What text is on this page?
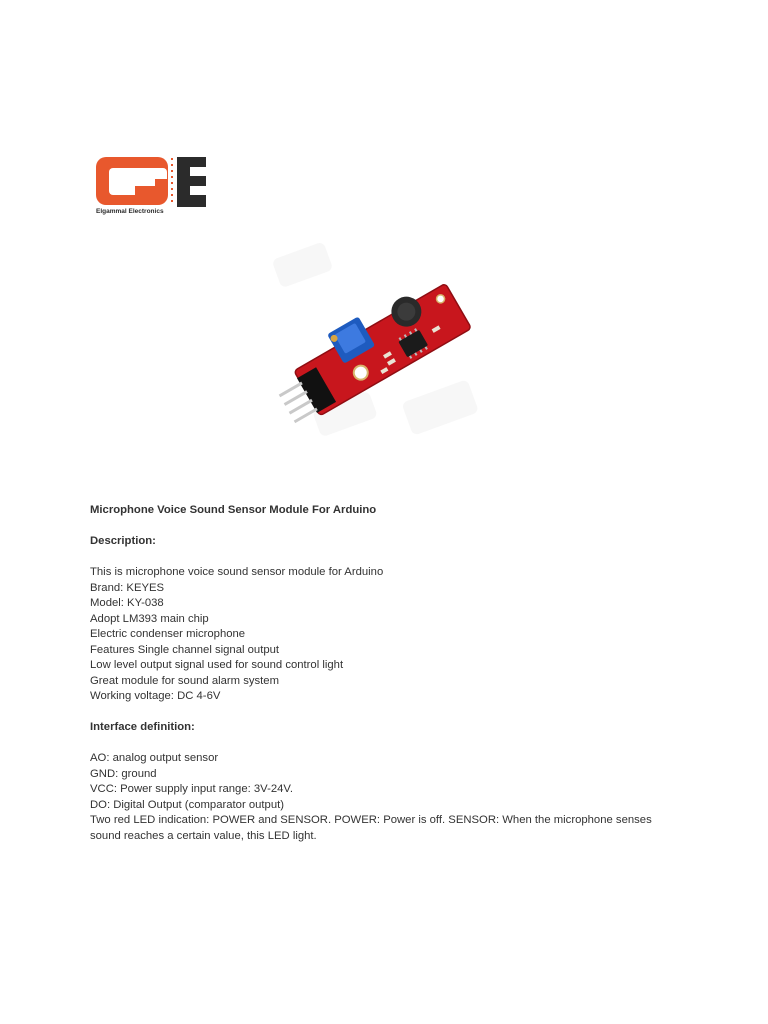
Elgammal Electronics

Microphone Voice Sound Sensor Module For Arduino

Description:

This is microphone voice sound sensor module for Arduino
Brand: KEYES
Model: KY-038
Adopt LM393 main chip
Electric condenser microphone
Features Single channel signal output
Low level output signal used for sound control light
Great module for sound alarm system
Working voltage: DC 4-6V

Interface definition:

AO: analog output sensor
GND: ground
VCC: Power supply input range: 3V-24V.
DO: Digital Output (comparator output)
Two red LED indication: POWER and SENSOR. POWER: Power is off. SENSOR: When the microphone senses sound reaches a certain value, this LED light.
